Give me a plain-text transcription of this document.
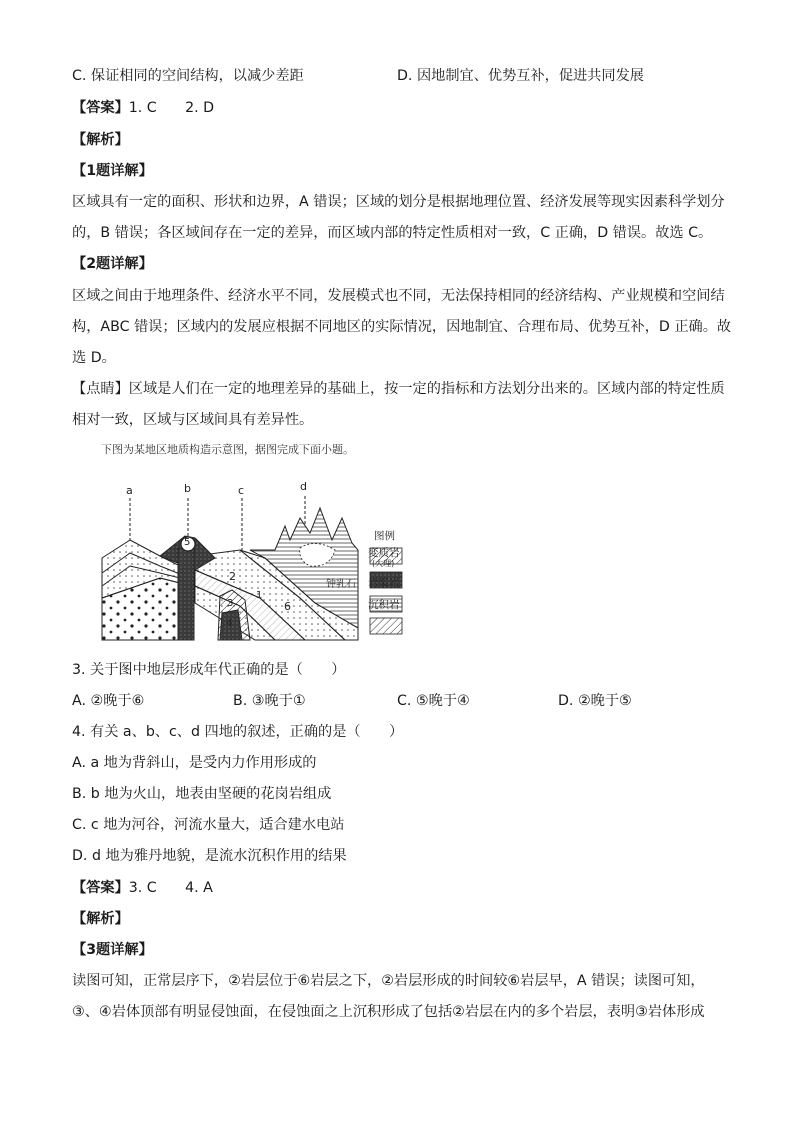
C. 保证相同的空间结构，以减少差距	D. 因地制宜、优势互补，促进共同发展
【答案】1. C　　2. D
【解析】
【1题详解】
区域具有一定的面积、形状和边界，A 错误；区域的划分是根据地理位置、经济发展等现实因素科学划分
的，B 错误；各区域间存在一定的差异，而区域内部的特定性质相对一致，C 正确，D 错误。故选 C。
【2题详解】
区域之间由于地理条件、经济水平不同，发展模式也不同，无法保持相同的经济结构、产业规模和空间结
构，ABC 错误；区域内的发展应根据不同地区的实际情况，因地制宜、合理布局、优势互补，D 正确。故
选 D。
【点睛】区域是人们在一定的地理差异的基础上，按一定的指标和方法划分出来的。区域内部的特定性质
相对一致，区域与区域间具有差异性。
下图为某地区地质构造示意图，据图完成下面小题。
a	b	c	d
5
2
3
4
6
1
钟乳石
图例
变质岩
(大理)
岩浆岩
沉积岩
3. 关于图中地层形成年代正确的是（　　）
A. ②晚于⑥	B. ③晚于①	C. ⑤晚于④	D. ②晚于⑤
4. 有关 a、b、c、d 四地的叙述，正确的是（　　）
A. a 地为背斜山，是受内力作用形成的
B. b 地为火山，地表由坚硬的花岗岩组成
C. c 地为河谷，河流水量大，适合建水电站
D. d 地为雅丹地貌，是流水沉积作用的结果
【答案】3. C　　4. A
【解析】
【3题详解】
读图可知，正常层序下，②岩层位于⑥岩层之下，②岩层形成的时间较⑥岩层早，A 错误；读图可知，
③、④岩体顶部有明显侵蚀面，在侵蚀面之上沉积形成了包括②岩层在内的多个岩层，表明③岩体形成
